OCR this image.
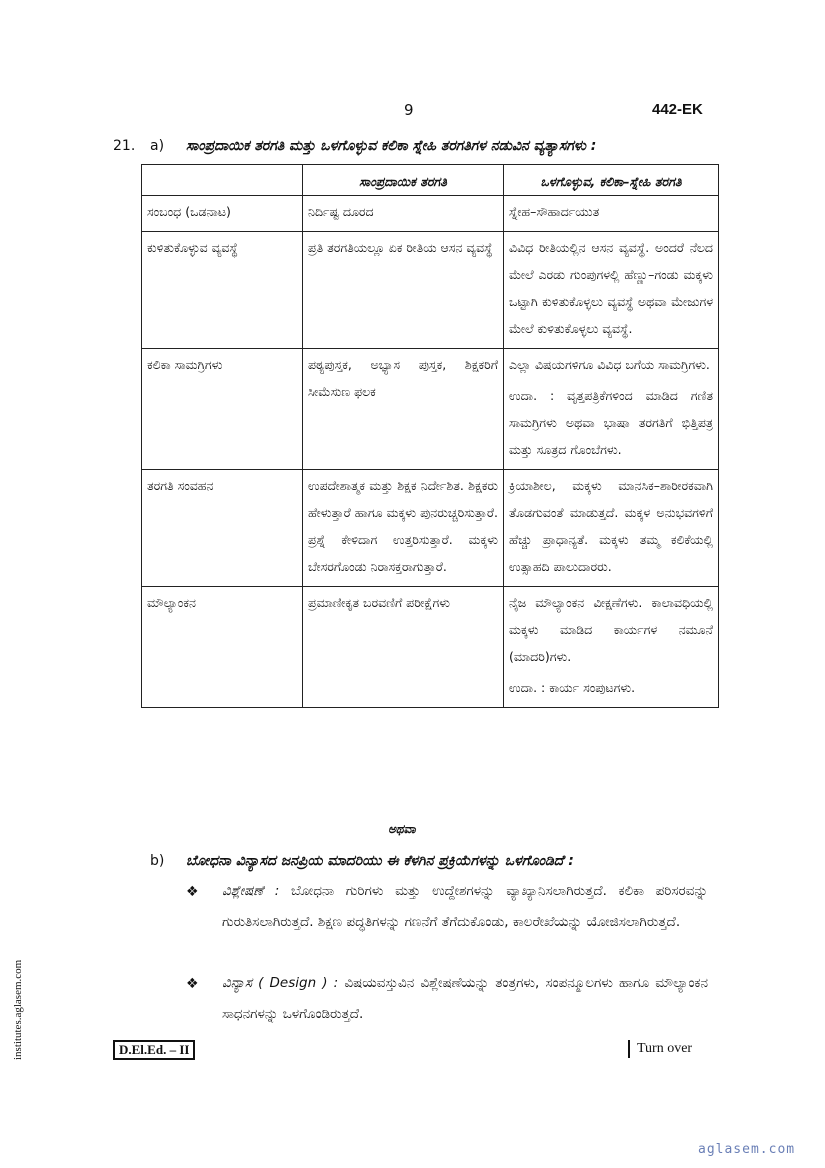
9	442-EK
21. a) ಸಾಂಪ್ರದಾಯಿಕ ತರಗತಿ ಮತ್ತು ಒಳಗೊಳ್ಳುವ ಕಲಿಕಾ ಸ್ನೇಹಿ ತರಗತಿಗಳ ನಡುವಿನ ವ್ಯತ್ಯಾಸಗಳು :
	ಸಾಂಪ್ರದಾಯಿಕ ತರಗತಿ	ಒಳಗೊಳ್ಳುವ, ಕಲಿಕಾ–ಸ್ನೇಹಿ ತರಗತಿ
ಸಂಬಂಧ (ಒಡನಾಟ)	ನಿರ್ದಿಷ್ಟ ದೂರದ	ಸ್ನೇಹ–ಸೌಹಾರ್ದಯುತ

ಕುಳಿತುಕೊಳ್ಳುವ ವ್ಯವಸ್ಥೆ	ಪ್ರತಿ ತರಗತಿಯಲ್ಲೂ ಏಕ ರೀತಿಯ ಆಸನ ವ್ಯವಸ್ಥೆ	ವಿವಿಧ ರೀತಿಯಲ್ಲಿನ ಆಸನ ವ್ಯವಸ್ಥೆ. ಅಂದರೆ ನೆಲದ ಮೇಲೆ ಎರಡು ಗುಂಪುಗಳಲ್ಲಿ ಹೆಣ್ಣು–ಗಂಡು ಮಕ್ಕಳು ಒಟ್ಟಾಗಿ ಕುಳಿತುಕೊಳ್ಳಲು ವ್ಯವಸ್ಥೆ ಅಥವಾ ಮೇಜುಗಳ ಮೇಲೆ ಕುಳಿತುಕೊಳ್ಳಲು ವ್ಯವಸ್ಥೆ.

ಕಲಿಕಾ ಸಾಮಗ್ರಿಗಳು	ಪಠ್ಯಪುಸ್ತಕ, ಅಭ್ಯಾಸ ಪುಸ್ತಕ, ಶಿಕ್ಷಕರಿಗೆ ಸೀಮೆಸುಣ ಫಲಕ	ಎಲ್ಲಾ ವಿಷಯಗಳಿಗೂ ವಿವಿಧ ಬಗೆಯ ಸಾಮಗ್ರಿಗಳು.

ಉದಾ. : ವೃತ್ತಪತ್ರಿಕೆಗಳಿಂದ ಮಾಡಿದ ಗಣಿತ ಸಾಮಗ್ರಿಗಳು ಅಥವಾ ಭಾಷಾ ತರಗತಿಗೆ ಭಿತ್ತಿಪತ್ರ ಮತ್ತು ಸೂತ್ರದ ಗೊಂಬೆಗಳು.

ತರಗತಿ ಸಂವಹನ	ಉಪದೇಶಾತ್ಮಕ ಮತ್ತು ಶಿಕ್ಷಕ ನಿರ್ದೇಶಿತ. ಶಿಕ್ಷಕರು ಹೇಳುತ್ತಾರೆ ಹಾಗೂ ಮಕ್ಕಳು ಪುನರುಚ್ಚರಿಸುತ್ತಾರೆ. ಪ್ರಶ್ನೆ ಕೇಳಿದಾಗ ಉತ್ತರಿಸುತ್ತಾರೆ. ಮಕ್ಕಳು ಬೇಸರಗೊಂಡು ನಿರಾಸಕ್ತರಾಗುತ್ತಾರೆ.	ಕ್ರಿಯಾಶೀಲ, ಮಕ್ಕಳು ಮಾನಸಿಕ–ಶಾರೀರಕವಾಗಿ ತೊಡಗುವಂತೆ ಮಾಡುತ್ತದೆ. ಮಕ್ಕಳ ಅನುಭವಗಳಿಗೆ ಹೆಚ್ಚು ಪ್ರಾಧಾನ್ಯತೆ. ಮಕ್ಕಳು ತಮ್ಮ ಕಲಿಕೆಯಲ್ಲಿ ಉತ್ಸಾಹದಿ ಪಾಲುದಾರರು.

ಮೌಲ್ಯಾಂಕನ	ಪ್ರಮಾಣೀಕೃತ ಬರವಣಿಗೆ ಪರೀಕ್ಷೆಗಳು	ನೈಜ ಮೌಲ್ಯಾಂಕನ ವೀಕ್ಷಣೆಗಳು. ಕಾಲಾವಧಿಯಲ್ಲಿ ಮಕ್ಕಳು ಮಾಡಿದ ಕಾರ್ಯಗಳ ನಮೂನೆ (ಮಾದರಿ)ಗಳು.

ಉದಾ. : ಕಾರ್ಯ ಸಂಪುಟಗಳು.

ಅಥವಾ
b) ಬೋಧನಾ ವಿನ್ಯಾಸದ ಜನಪ್ರಿಯ ಮಾದರಿಯು ಈ ಕೆಳಗಿನ ಪ್ರಕ್ರಿಯೆಗಳನ್ನು ಒಳಗೊಂಡಿದೆ :
❖ ವಿಶ್ಲೇಷಣೆ : ಬೋಧನಾ ಗುರಿಗಳು ಮತ್ತು ಉದ್ದೇಶಗಳನ್ನು ವ್ಯಾಖ್ಯಾನಿಸಲಾಗಿರುತ್ತದೆ. ಕಲಿಕಾ ಪರಿಸರವನ್ನು ಗುರುತಿಸಲಾಗಿರುತ್ತದೆ. ಶಿಕ್ಷಣ ಪದ್ಧತಿಗಳನ್ನು ಗಣನೆಗೆ ತೆಗೆದುಕೊಂಡು, ಕಾಲರೇಖೆಯನ್ನು ಯೋಜಿಸಲಾಗಿರುತ್ತದೆ.
❖ ವಿನ್ಯಾಸ ( Design ) : ವಿಷಯವಸ್ತುವಿನ ವಿಶ್ಲೇಷಣೆಯನ್ನು ತಂತ್ರಗಳು, ಸಂಪನ್ಮೂಲಗಳು ಹಾಗೂ ಮೌಲ್ಯಾಂಕನ ಸಾಧನಗಳನ್ನು ಒಳಗೊಂಡಿರುತ್ತದೆ.
D.El.Ed. – II	Turn over
institutes.aglasem.com
aglasem.com
